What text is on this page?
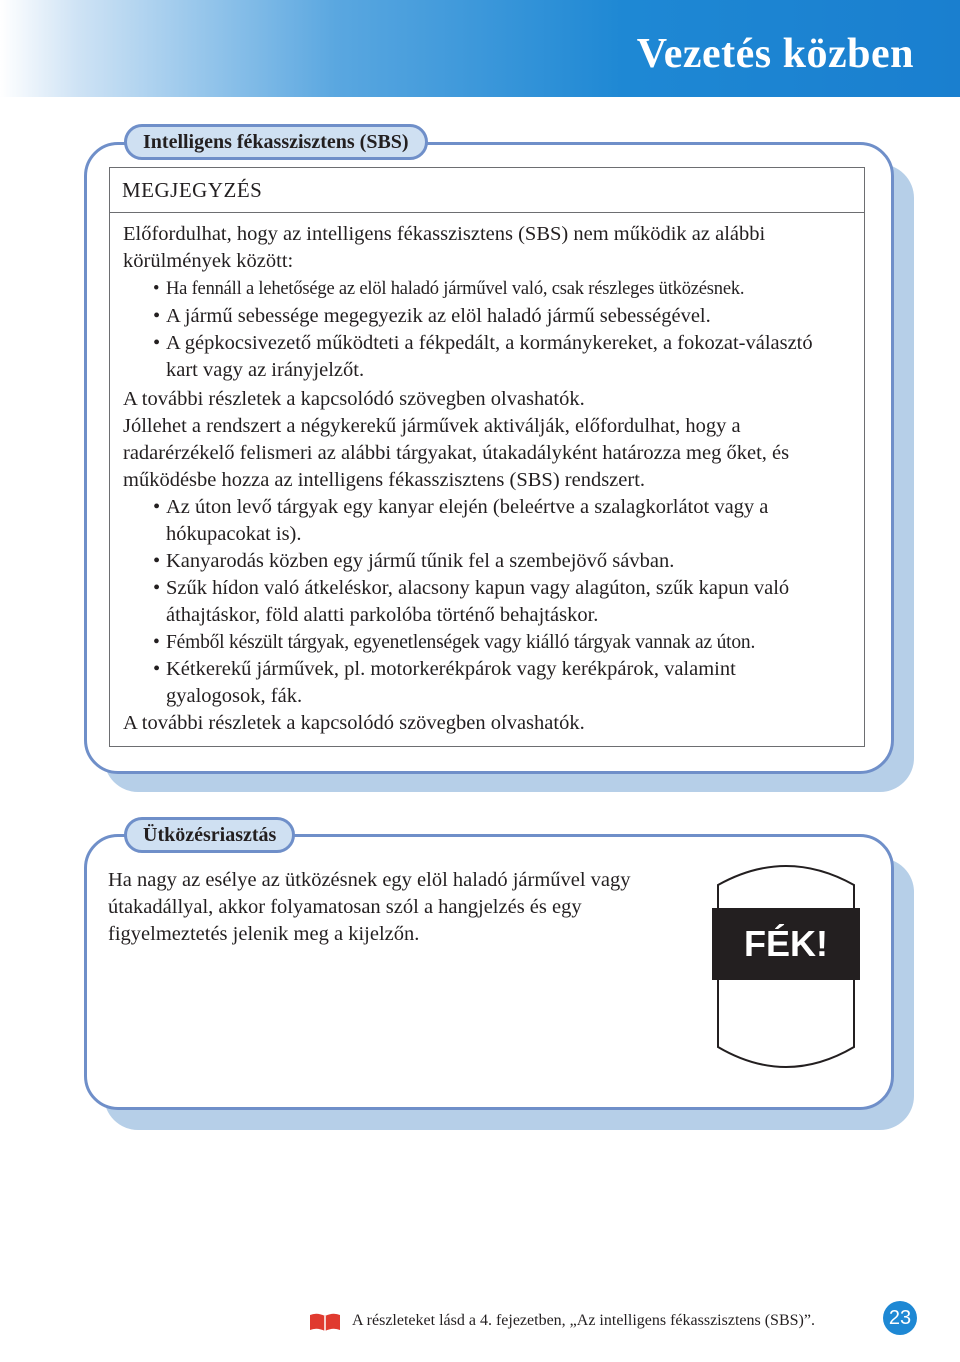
Vezetés közben
Intelligens fékasszisztens (SBS)
MEGJEGYZÉS

Előfordulhat, hogy az intelligens fékasszisztens (SBS) nem működik az alábbi körülmények között:

• Ha fennáll a lehetősége az elöl haladó járművel való, csak részleges ütközésnek.

• A jármű sebessége megegyezik az elöl haladó jármű sebességével.

• A gépkocsivezető működteti a fékpedált, a kormánykereket, a fokozat-választó kart vagy az irányjelzőt.

A további részletek a kapcsolódó szövegben olvashatók.

Jóllehet a rendszert a négykerekű járművek aktiválják, előfordulhat, hogy a radarérzékelő felismeri az alábbi tárgyakat, útakadályként határozza meg őket, és működésbe hozza az intelligens fékasszisztens (SBS) rendszert.

• Az úton levő tárgyak egy kanyar elején (beleértve a szalagkorlátot vagy a hókupacokat is).

• Kanyarodás közben egy jármű tűnik fel a szembejövő sávban.

• Szűk hídon való átkeléskor, alacsony kapun vagy alagúton, szűk kapun való áthajtáskor, föld alatti parkolóba történő behajtáskor.

• Fémből készült tárgyak, egyenetlenségek vagy kiálló tárgyak vannak az úton.

• Kétkerekű járművek, pl. motorkerékpárok vagy kerékpárok, valamint gyalogosok, fák.

A további részletek a kapcsolódó szövegben olvashatók.

Ütközésriasztás
Ha nagy az esélye az ütközésnek egy elöl haladó járművel vagy útakadállyal, akkor folyamatosan szól a hangjelzés és egy figyelmeztetés jelenik meg a kijelzőn.	FÉK!
A részleteket lásd a 4. fejezetben, „Az intelligens fékasszisztens (SBS)”.	23
